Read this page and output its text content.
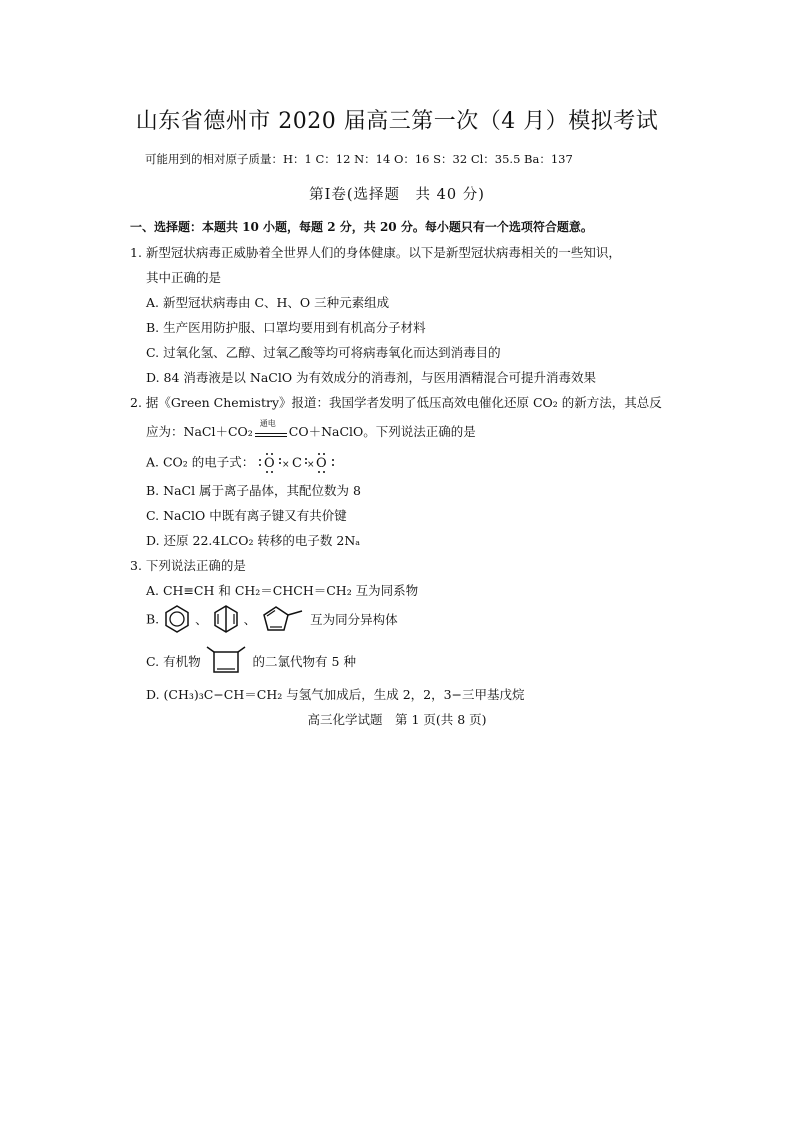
山东省德州市 2020 届高三第一次（4 月）模拟考试
可能用到的相对原子质量：H：1 C：12 N：14 O：16 S：32 Cl：35.5 Ba：137
第Ⅰ卷(选择题　共 40 分)
一、选择题：本题共 10 小题，每题 2 分，共 20 分。每小题只有一个选项符合题意。
1. 新型冠状病毒正威胁着全世界人们的身体健康。以下是新型冠状病毒相关的一些知识，
其中正确的是
A. 新型冠状病毒由 C、H、O 三种元素组成
B. 生产医用防护服、口罩均要用到有机高分子材料
C. 过氧化氢、乙醇、过氧乙酸等均可将病毒氧化而达到消毒目的
D. 84 消毒液是以 NaClO 为有效成分的消毒剂，与医用酒精混合可提升消毒效果
2. 据《Green Chemistry》报道：我国学者发明了低压高效电催化还原 CO₂ 的新方法，其总反
应为：NaCl＋CO₂
通电
CO＋NaClO。下列说法正确的是
A. CO₂ 的电子式： O C O
× ×
B. NaCl 属于离子晶体，其配位数为 8
C. NaClO 中既有离子键又有共价键
D. 还原 22.4LCO₂ 转移的电子数 2Nₐ
3. 下列说法正确的是
A. CH≡CH 和 CH₂＝CHCH＝CH₂ 互为同系物
B.	、	、	互为同分异构体
C. 有机物	的二氯代物有 5 种
D. (CH₃)₃C−CH＝CH₂ 与氢气加成后，生成 2，2，3−三甲基戊烷
高三化学试题　第 1 页(共 8 页)
